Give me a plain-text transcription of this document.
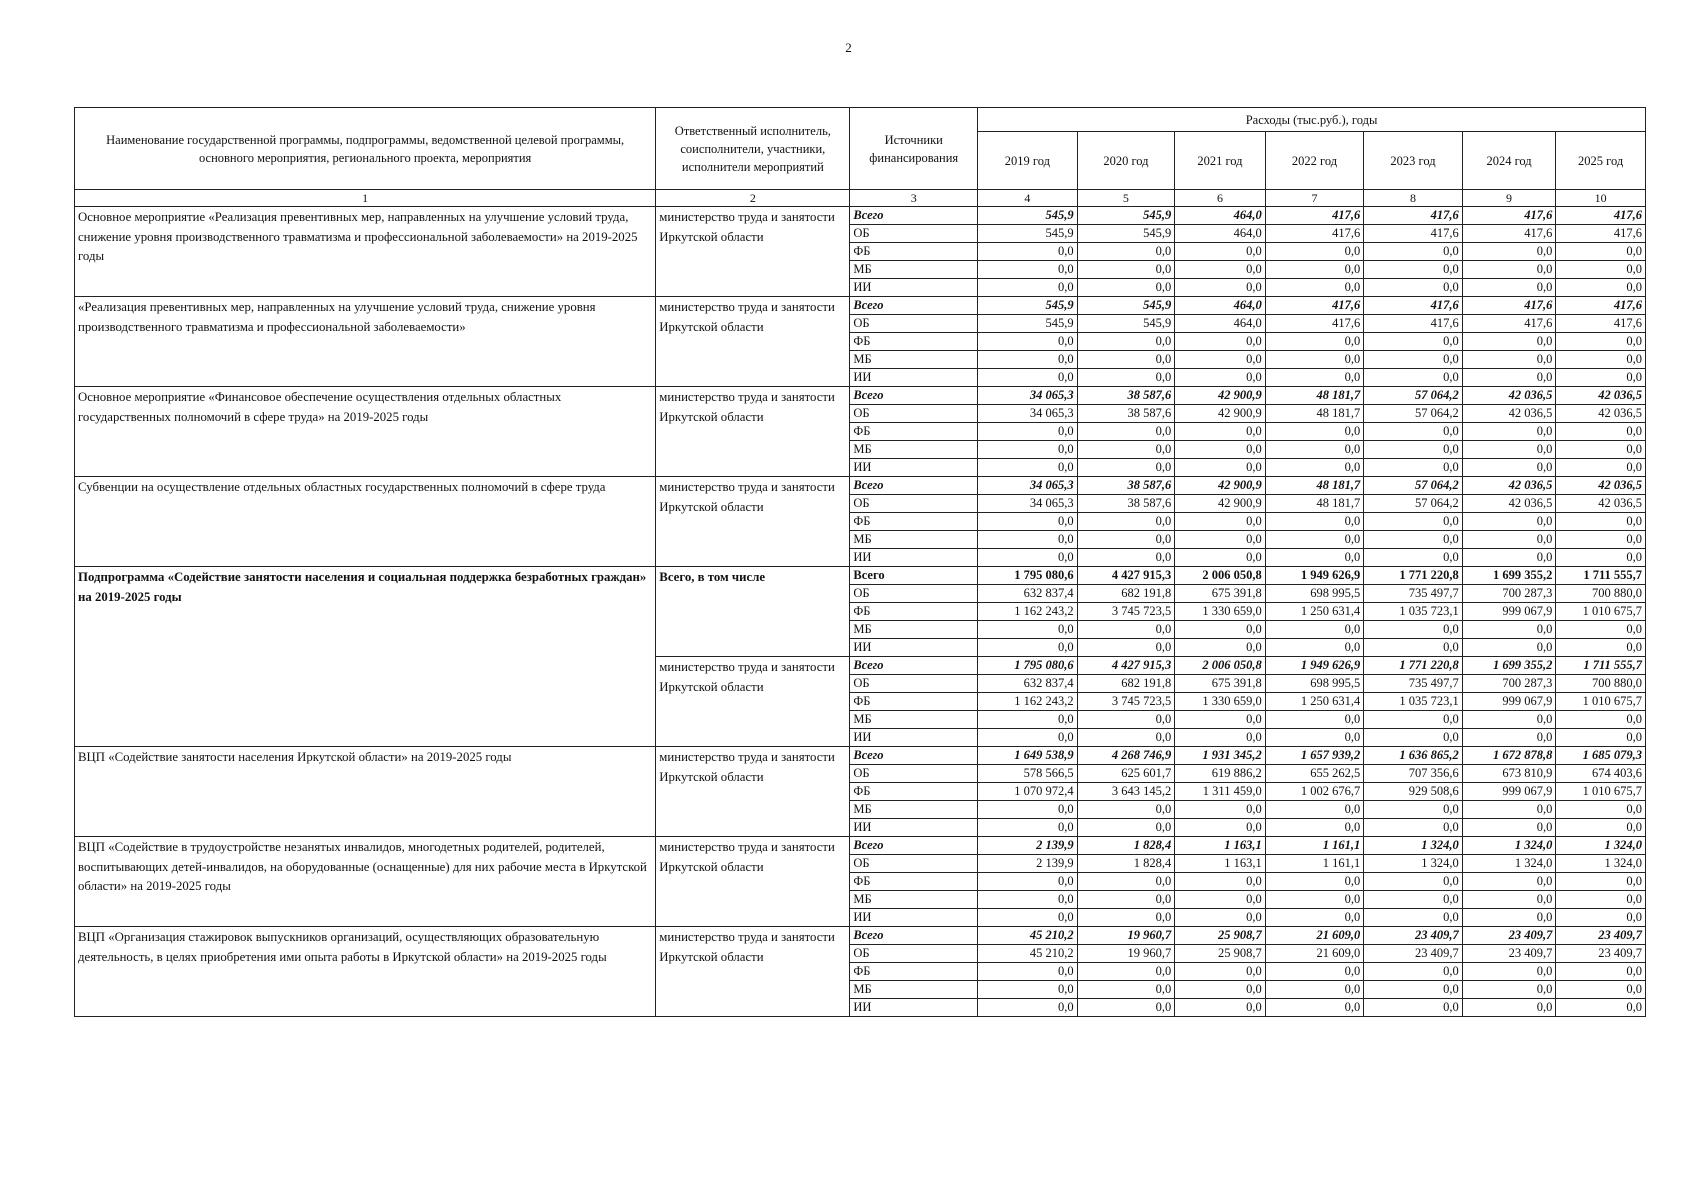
2
Наименование государственной программы, подпрограммы, ведомственной целевой программы, основного мероприятия, регионального проекта, мероприятия	Ответственный исполнитель, соисполнители, участники, исполнители мероприятий	Источники финансирования	Расходы (тыс.руб.), годы						
			2019 год	2020 год	2021 год	2022 год	2023 год	2024 год	2025 год
1	2	3	4	5	6	7	8	9	10
Основное мероприятие «Реализация превентивных мер, направленных на улучшение условий труда, снижение уровня производственного травматизма и профессиональной заболеваемости» на 2019-2025 годы	министерство труда и занятости Иркутской области	Всего	545,9	545,9	464,0	417,6	417,6	417,6	417,6
		ОБ	545,9	545,9	464,0	417,6	417,6	417,6	417,6
		ФБ	0,0	0,0	0,0	0,0	0,0	0,0	0,0
		МБ	0,0	0,0	0,0	0,0	0,0	0,0	0,0
		ИИ	0,0	0,0	0,0	0,0	0,0	0,0	0,0
«Реализация превентивных мер, направленных на улучшение условий труда, снижение уровня производственного травматизма и профессиональной заболеваемости»	министерство труда и занятости Иркутской области	Всего	545,9	545,9	464,0	417,6	417,6	417,6	417,6
		ОБ	545,9	545,9	464,0	417,6	417,6	417,6	417,6
		ФБ	0,0	0,0	0,0	0,0	0,0	0,0	0,0
		МБ	0,0	0,0	0,0	0,0	0,0	0,0	0,0
		ИИ	0,0	0,0	0,0	0,0	0,0	0,0	0,0
Основное мероприятие «Финансовое обеспечение осуществления отдельных областных государственных полномочий в сфере труда» на 2019-2025 годы	министерство труда и занятости Иркутской области	Всего	34 065,3	38 587,6	42 900,9	48 181,7	57 064,2	42 036,5	42 036,5
		ОБ	34 065,3	38 587,6	42 900,9	48 181,7	57 064,2	42 036,5	42 036,5
		ФБ	0,0	0,0	0,0	0,0	0,0	0,0	0,0
		МБ	0,0	0,0	0,0	0,0	0,0	0,0	0,0
		ИИ	0,0	0,0	0,0	0,0	0,0	0,0	0,0
Субвенции на осуществление отдельных областных государственных полномочий в сфере труда	министерство труда и занятости Иркутской области	Всего	34 065,3	38 587,6	42 900,9	48 181,7	57 064,2	42 036,5	42 036,5
		ОБ	34 065,3	38 587,6	42 900,9	48 181,7	57 064,2	42 036,5	42 036,5
		ФБ	0,0	0,0	0,0	0,0	0,0	0,0	0,0
		МБ	0,0	0,0	0,0	0,0	0,0	0,0	0,0
		ИИ	0,0	0,0	0,0	0,0	0,0	0,0	0,0
Подпрограмма «Содействие занятости населения и социальная поддержка безработных граждан» на 2019-2025 годы	Всего, в том числе	Всего	1 795 080,6	4 427 915,3	2 006 050,8	1 949 626,9	1 771 220,8	1 699 355,2	1 711 555,7
		ОБ	632 837,4	682 191,8	675 391,8	698 995,5	735 497,7	700 287,3	700 880,0
		ФБ	1 162 243,2	3 745 723,5	1 330 659,0	1 250 631,4	1 035 723,1	999 067,9	1 010 675,7
		МБ	0,0	0,0	0,0	0,0	0,0	0,0	0,0
		ИИ	0,0	0,0	0,0	0,0	0,0	0,0	0,0
	министерство труда и занятости Иркутской области	Всего	1 795 080,6	4 427 915,3	2 006 050,8	1 949 626,9	1 771 220,8	1 699 355,2	1 711 555,7
		ОБ	632 837,4	682 191,8	675 391,8	698 995,5	735 497,7	700 287,3	700 880,0
		ФБ	1 162 243,2	3 745 723,5	1 330 659,0	1 250 631,4	1 035 723,1	999 067,9	1 010 675,7
		МБ	0,0	0,0	0,0	0,0	0,0	0,0	0,0
		ИИ	0,0	0,0	0,0	0,0	0,0	0,0	0,0
ВЦП «Содействие занятости населения Иркутской области» на 2019-2025 годы	министерство труда и занятости Иркутской области	Всего	1 649 538,9	4 268 746,9	1 931 345,2	1 657 939,2	1 636 865,2	1 672 878,8	1 685 079,3
		ОБ	578 566,5	625 601,7	619 886,2	655 262,5	707 356,6	673 810,9	674 403,6
		ФБ	1 070 972,4	3 643 145,2	1 311 459,0	1 002 676,7	929 508,6	999 067,9	1 010 675,7
		МБ	0,0	0,0	0,0	0,0	0,0	0,0	0,0
		ИИ	0,0	0,0	0,0	0,0	0,0	0,0	0,0
ВЦП «Содействие в трудоустройстве незанятых инвалидов, многодетных родителей, родителей, воспитывающих детей-инвалидов, на оборудованные (оснащенные) для них рабочие места в Иркутской области» на 2019-2025 годы	министерство труда и занятости Иркутской области	Всего	2 139,9	1 828,4	1 163,1	1 161,1	1 324,0	1 324,0	1 324,0
		ОБ	2 139,9	1 828,4	1 163,1	1 161,1	1 324,0	1 324,0	1 324,0
		ФБ	0,0	0,0	0,0	0,0	0,0	0,0	0,0
		МБ	0,0	0,0	0,0	0,0	0,0	0,0	0,0
		ИИ	0,0	0,0	0,0	0,0	0,0	0,0	0,0
ВЦП «Организация стажировок выпускников организаций, осуществляющих образовательную деятельность, в целях приобретения ими опыта работы в Иркутской области» на 2019-2025 годы	министерство труда и занятости Иркутской области	Всего	45 210,2	19 960,7	25 908,7	21 609,0	23 409,7	23 409,7	23 409,7
		ОБ	45 210,2	19 960,7	25 908,7	21 609,0	23 409,7	23 409,7	23 409,7
		ФБ	0,0	0,0	0,0	0,0	0,0	0,0	0,0
		МБ	0,0	0,0	0,0	0,0	0,0	0,0	0,0
		ИИ	0,0	0,0	0,0	0,0	0,0	0,0	0,0
